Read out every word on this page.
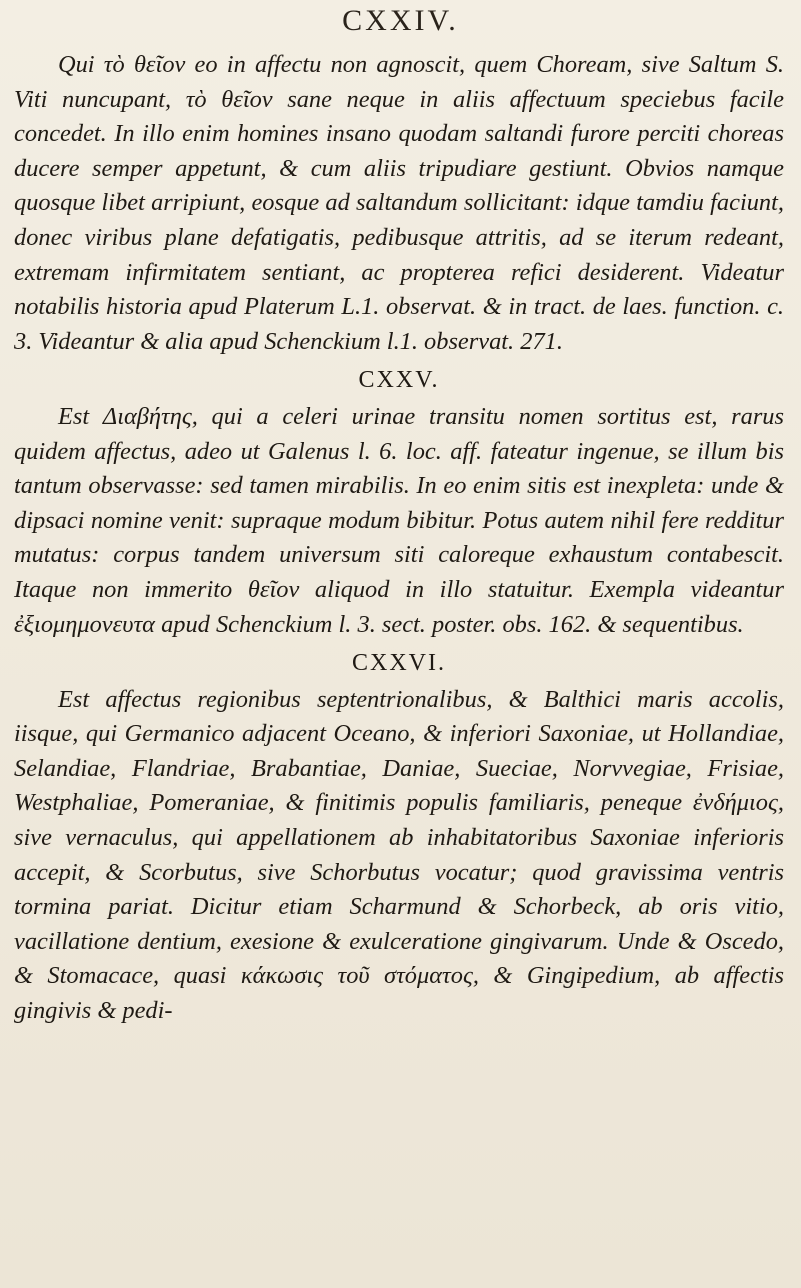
CXXIV.

Qui τὸ θεῖον eo in affectu non agnoscit, quem Choream, sive Saltum S. Viti nuncupant, τὸ θεῖον sane neque in aliis affectuum speciebus facile concedet. In illo enim homines insano quodam saltandi furore perciti choreas ducere semper appetunt, & cum aliis tripudiare gestiunt. Obvios namque quosque libet arripiunt, eosque ad saltandum sollicitant: idque tamdiu faciunt, donec viribus plane defatigatis, pedibusque attritis, ad se iterum redeant, extremam infirmitatem sentiant, ac propterea refici desiderent. Videatur notabilis historia apud Platerum L.1. observat. & in tract. de laes. function. c. 3. Videantur & alia apud Schenckium l.1. observat. 271.

CXXV.

Est Διαβήτης, qui a celeri urinae transitu nomen sortitus est, rarus quidem affectus, adeo ut Galenus l. 6. loc. aff. fateatur ingenue, se illum bis tantum observasse: sed tamen mirabilis. In eo enim sitis est inexpleta: unde & dipsaci nomine venit: supraque modum bibitur. Potus autem nihil fere redditur mutatus: corpus tandem universum siti caloreque exhaustum contabescit. Itaque non immerito θεῖον aliquod in illo statuitur. Exempla videantur ἐξιομημονευτα apud Schenckium l. 3. sect. poster. obs. 162. & sequentibus.

CXXVI.

Est affectus regionibus septentrionalibus, & Balthici maris accolis, iisque, qui Germanico adjacent Oceano, & inferiori Saxoniae, ut Hollandiae, Selandiae, Flandriae, Brabantiae, Daniae, Sueciae, Norvvegiae, Frisiae, Westphaliae, Pomeraniae, & finitimis populis familiaris, peneque ἐνδήμιος, sive vernaculus, qui appellationem ab inhabitatoribus Saxoniae inferioris accepit, & Scorbutus, sive Schorbutus vocatur; quod gravissima ventris tormina pariat. Dicitur etiam Scharmund & Schorbeck, ab oris vitio, vacillatione dentium, exesione & exulceratione gingivarum. Unde & Oscedo, & Stomacace, quasi κάκωσις τοῦ στόματος, & Gingipedium, ab affectis gingivis & pedi-
